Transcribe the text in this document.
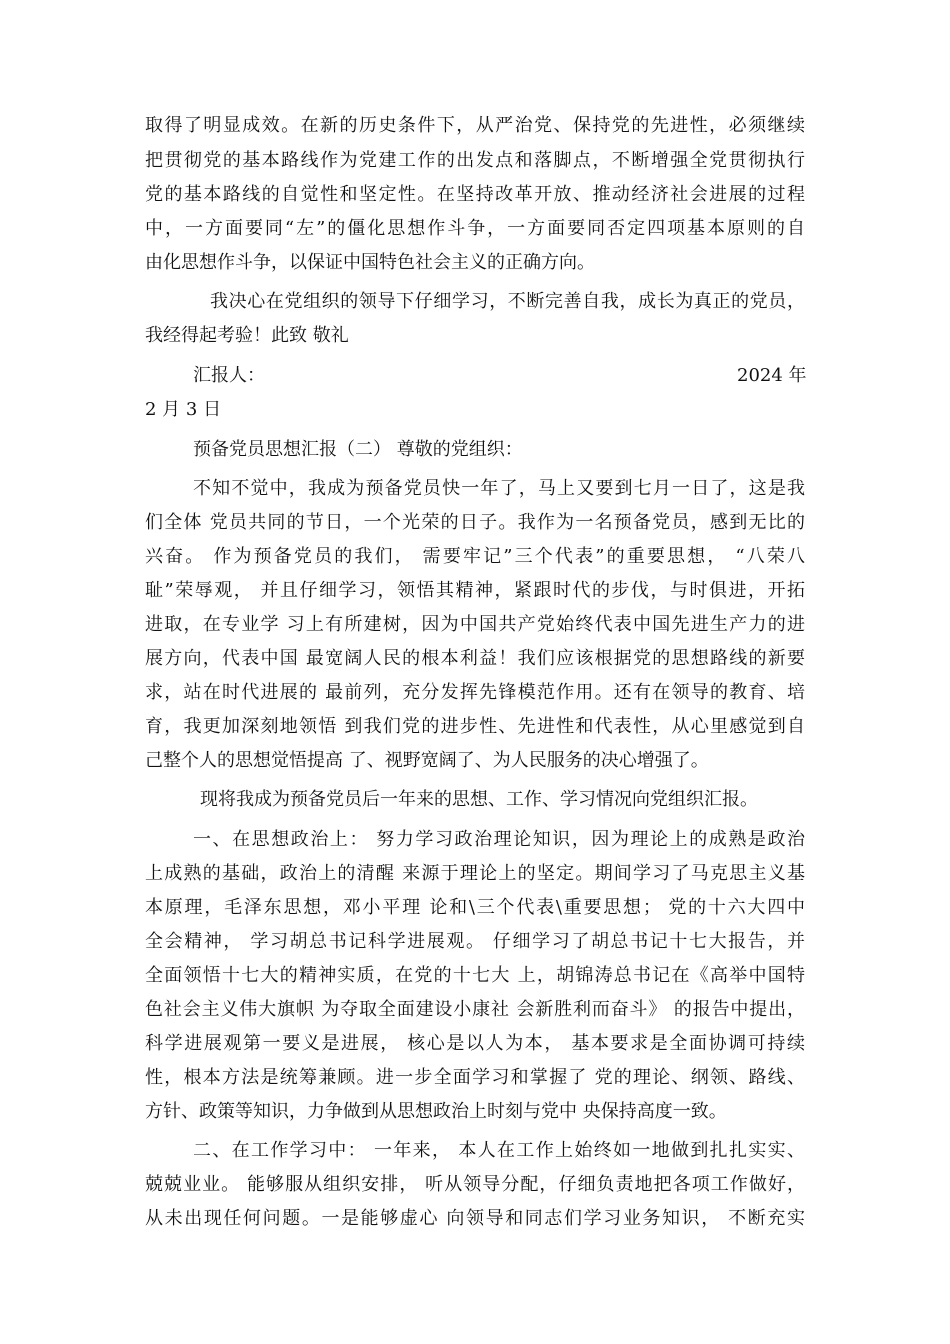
取得了明显成效。在新的历史条件下，从严治党、保持党的先进性，必须继续
把贯彻党的基本路线作为党建工作的出发点和落脚点，不断增强全党贯彻执行
党的基本路线的自觉性和坚定性。在坚持改革开放、推动经济社会进展的过程
中，一方面要同“左”的僵化思想作斗争，一方面要同否定四项基本原则的自
由化思想作斗争，以保证中国特色社会主义的正确方向。
我决心在党组织的领导下仔细学习，不断完善自我，成长为真正的党员，
我经得起考验！此致 敬礼
汇报人：	2024 年
2 月 3 日
预备党员思想汇报（二） 尊敬的党组织：
不知不觉中，我成为预备党员快一年了，马上又要到七月一日了，这是我
们全体 党员共同的节日，一个光荣的日子。我作为一名预备党员，感到无比的
兴奋。 作为预备党员的我们， 需要牢记”三个代表”的重要思想， “八荣八
耻”荣辱观， 并且仔细学习，领悟其精神，紧跟时代的步伐，与时俱进，开拓
进取，在专业学 习上有所建树，因为中国共产党始终代表中国先进生产力的进
展方向，代表中国 最宽阔人民的根本利益！我们应该根据党的思想路线的新要
求，站在时代进展的 最前列，充分发挥先锋模范作用。还有在领导的教育、培
育，我更加深刻地领悟 到我们党的进步性、先进性和代表性，从心里感觉到自
己整个人的思想觉悟提高 了、视野宽阔了、为人民服务的决心增强了。
现将我成为预备党员后一年来的思想、工作、学习情况向党组织汇报。
一、在思想政治上： 努力学习政治理论知识，因为理论上的成熟是政治
上成熟的基础，政治上的清醒 来源于理论上的坚定。期间学习了马克思主义基
本原理，毛泽东思想，邓小平理 论和\三个代表\重要思想； 党的十六大四中
全会精神， 学习胡总书记科学进展观。 仔细学习了胡总书记十七大报告，并
全面领悟十七大的精神实质，在党的十七大 上，胡锦涛总书记在《高举中国特
色社会主义伟大旗帜 为夺取全面建设小康社 会新胜利而奋斗》 的报告中提出，
科学进展观第一要义是进展， 核心是以人为本， 基本要求是全面协调可持续
性，根本方法是统筹兼顾。进一步全面学习和掌握了 党的理论、纲领、路线、
方针、政策等知识，力争做到从思想政治上时刻与党中 央保持高度一致。
二、在工作学习中： 一年来， 本人在工作上始终如一地做到扎扎实实、
兢兢业业。 能够服从组织安排， 听从领导分配，仔细负责地把各项工作做好，
从未出现任何问题。一是能够虚心 向领导和同志们学习业务知识， 不断充实
